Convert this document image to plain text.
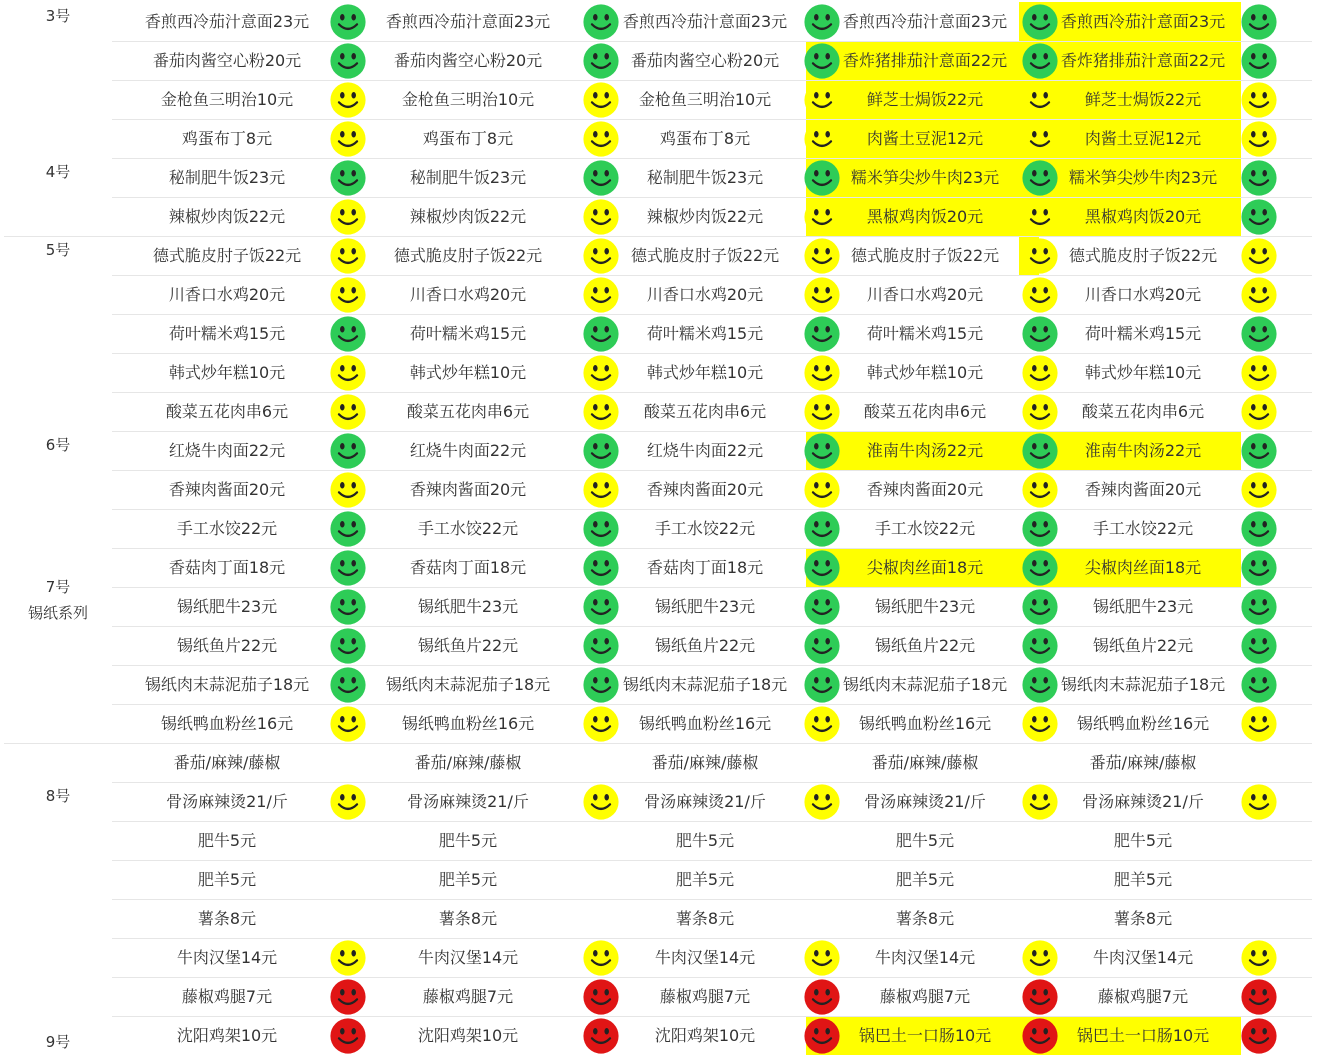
3号
4号
5号
6号
7号
锡纸系列
8号
9号
香煎西冷茄汁意面23元	香煎西冷茄汁意面23元	香煎西冷茄汁意面23元	香煎西冷茄汁意面23元	香煎西冷茄汁意面23元
番茄肉酱空心粉20元	番茄肉酱空心粉20元	番茄肉酱空心粉20元	香炸猪排茄汁意面22元	香炸猪排茄汁意面22元
金枪鱼三明治10元	金枪鱼三明治10元	金枪鱼三明治10元	鲜芝士焗饭22元	鲜芝士焗饭22元
鸡蛋布丁8元	鸡蛋布丁8元	鸡蛋布丁8元	肉酱土豆泥12元	肉酱土豆泥12元
秘制肥牛饭23元	秘制肥牛饭23元	秘制肥牛饭23元	糯米笋尖炒牛肉23元	糯米笋尖炒牛肉23元
辣椒炒肉饭22元	辣椒炒肉饭22元	辣椒炒肉饭22元	黑椒鸡肉饭20元	黑椒鸡肉饭20元
德式脆皮肘子饭22元	德式脆皮肘子饭22元	德式脆皮肘子饭22元	德式脆皮肘子饭22元	德式脆皮肘子饭22元
川香口水鸡20元	川香口水鸡20元	川香口水鸡20元	川香口水鸡20元	川香口水鸡20元
荷叶糯米鸡15元	荷叶糯米鸡15元	荷叶糯米鸡15元	荷叶糯米鸡15元	荷叶糯米鸡15元
韩式炒年糕10元	韩式炒年糕10元	韩式炒年糕10元	韩式炒年糕10元	韩式炒年糕10元
酸菜五花肉串6元	酸菜五花肉串6元	酸菜五花肉串6元	酸菜五花肉串6元	酸菜五花肉串6元
红烧牛肉面22元	红烧牛肉面22元	红烧牛肉面22元	淮南牛肉汤22元	淮南牛肉汤22元
香辣肉酱面20元	香辣肉酱面20元	香辣肉酱面20元	香辣肉酱面20元	香辣肉酱面20元
手工水饺22元	手工水饺22元	手工水饺22元	手工水饺22元	手工水饺22元
香菇肉丁面18元	香菇肉丁面18元	香菇肉丁面18元	尖椒肉丝面18元	尖椒肉丝面18元
锡纸肥牛23元	锡纸肥牛23元	锡纸肥牛23元	锡纸肥牛23元	锡纸肥牛23元
锡纸鱼片22元	锡纸鱼片22元	锡纸鱼片22元	锡纸鱼片22元	锡纸鱼片22元
锡纸肉末蒜泥茄子18元	锡纸肉末蒜泥茄子18元	锡纸肉末蒜泥茄子18元	锡纸肉末蒜泥茄子18元	锡纸肉末蒜泥茄子18元
锡纸鸭血粉丝16元	锡纸鸭血粉丝16元	锡纸鸭血粉丝16元	锡纸鸭血粉丝16元	锡纸鸭血粉丝16元
番茄/麻辣/藤椒	番茄/麻辣/藤椒	番茄/麻辣/藤椒	番茄/麻辣/藤椒	番茄/麻辣/藤椒
骨汤麻辣烫21/斤	骨汤麻辣烫21/斤	骨汤麻辣烫21/斤	骨汤麻辣烫21/斤	骨汤麻辣烫21/斤
肥牛5元	肥牛5元	肥牛5元	肥牛5元	肥牛5元
肥羊5元	肥羊5元	肥羊5元	肥羊5元	肥羊5元
薯条8元	薯条8元	薯条8元	薯条8元	薯条8元
牛肉汉堡14元	牛肉汉堡14元	牛肉汉堡14元	牛肉汉堡14元	牛肉汉堡14元
藤椒鸡腿7元	藤椒鸡腿7元	藤椒鸡腿7元	藤椒鸡腿7元	藤椒鸡腿7元
沈阳鸡架10元	沈阳鸡架10元	沈阳鸡架10元	锅巴土一口肠10元	锅巴土一口肠10元
